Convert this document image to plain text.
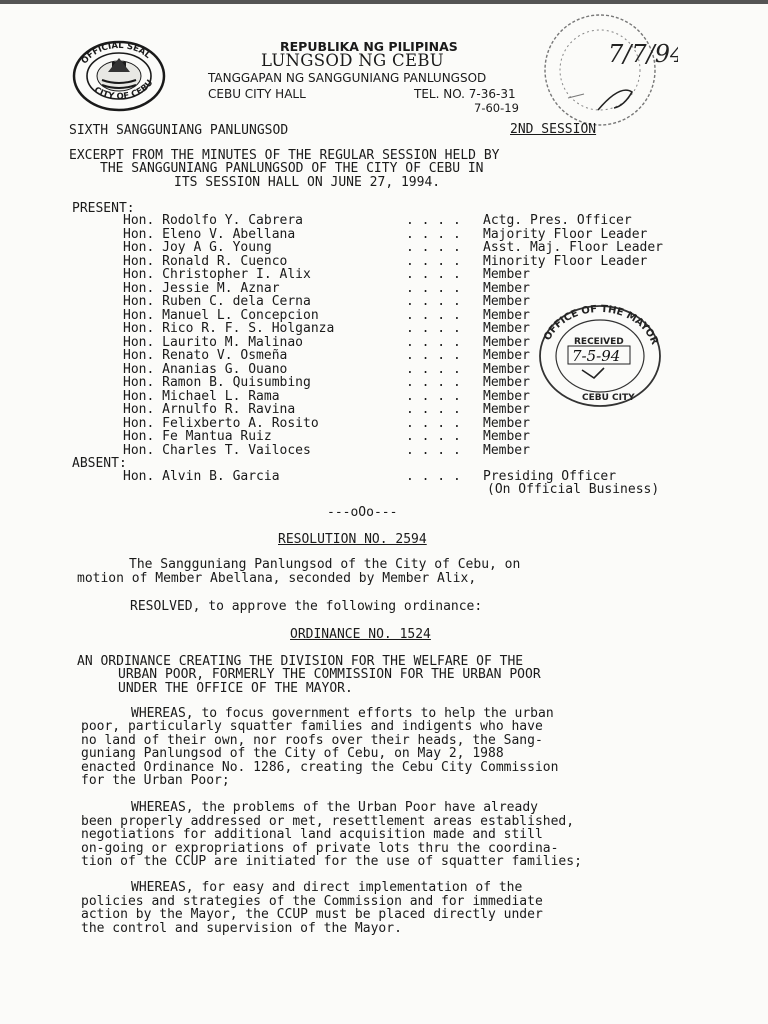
OFFICIAL SEAL
CITY OF CEBU
REPUBLIKA NG PILIPINAS
LUNGSOD NG CEBU
TANGGAPAN NG SANGGUNIANG PANLUNGSOD
CEBU CITY HALL	TEL. NO. 7-36-31
7-60-19
7/7/94
SIXTH SANGGUNIANG PANLUNGSOD	2ND SESSION
EXCERPT FROM THE MINUTES OF THE REGULAR SESSION HELD BY
THE SANGGUNIANG PANLUNGSOD OF THE CITY OF CEBU IN
ITS SESSION HALL ON JUNE 27, 1994.
PRESENT:
Hon. Rodolfo Y. Cabrera	. . . . Actg. Pres. Officer
Hon. Eleno V. Abellana	. . . . Majority Floor Leader
Hon. Joy A G. Young	. . . . Asst. Maj. Floor Leader
Hon. Ronald R. Cuenco	. . . . Minority Floor Leader
Hon. Christopher I. Alix	. . . . Member
Hon. Jessie M. Aznar	. . . . Member
Hon. Ruben C. dela Cerna	. . . . Member
Hon. Manuel L. Concepcion	. . . . Member
Hon. Rico R. F. S. Holganza	. . . . Member
Hon. Laurito M. Malinao	. . . . Member
Hon. Renato V. Osmeña	. . . . Member
Hon. Ananias G. Ouano	. . . . Member
Hon. Ramon B. Quisumbing	. . . . Member
Hon. Michael L. Rama	. . . . Member
Hon. Arnulfo R. Ravina	. . . . Member
Hon. Felixberto A. Rosito	. . . . Member
Hon. Fe Mantua Ruiz	. . . . Member
Hon. Charles T. Vailoces	. . . . Member
ABSENT:
Hon. Alvin B. Garcia	. . . . Presiding Officer
(On Official Business)
OFFICE OF THE MAYOR
RECEIVED
7-5-94
CEBU CITY
---oOo---
RESOLUTION NO. 2594
The Sangguniang Panlungsod of the City of Cebu, on
motion of Member Abellana, seconded by Member Alix,
RESOLVED, to approve the following ordinance:
ORDINANCE NO. 1524
AN ORDINANCE CREATING THE DIVISION FOR THE WELFARE OF THE
URBAN POOR, FORMERLY THE COMMISSION FOR THE URBAN POOR
UNDER THE OFFICE OF THE MAYOR.
WHEREAS, to focus government efforts to help the urban
poor, particularly squatter families and indigents who have
no land of their own, nor roofs over their heads, the Sang-
guniang Panlungsod of the City of Cebu, on May 2, 1988
enacted Ordinance No. 1286, creating the Cebu City Commission
for the Urban Poor;
WHEREAS, the problems of the Urban Poor have already
been properly addressed or met, resettlement areas established,
negotiations for additional land acquisition made and still
on-going or expropriations of private lots thru the coordina-
tion of the CCUP are initiated for the use of squatter families;
WHEREAS, for easy and direct implementation of the
policies and strategies of the Commission and for immediate
action by the Mayor, the CCUP must be placed directly under
the control and supervision of the Mayor.
